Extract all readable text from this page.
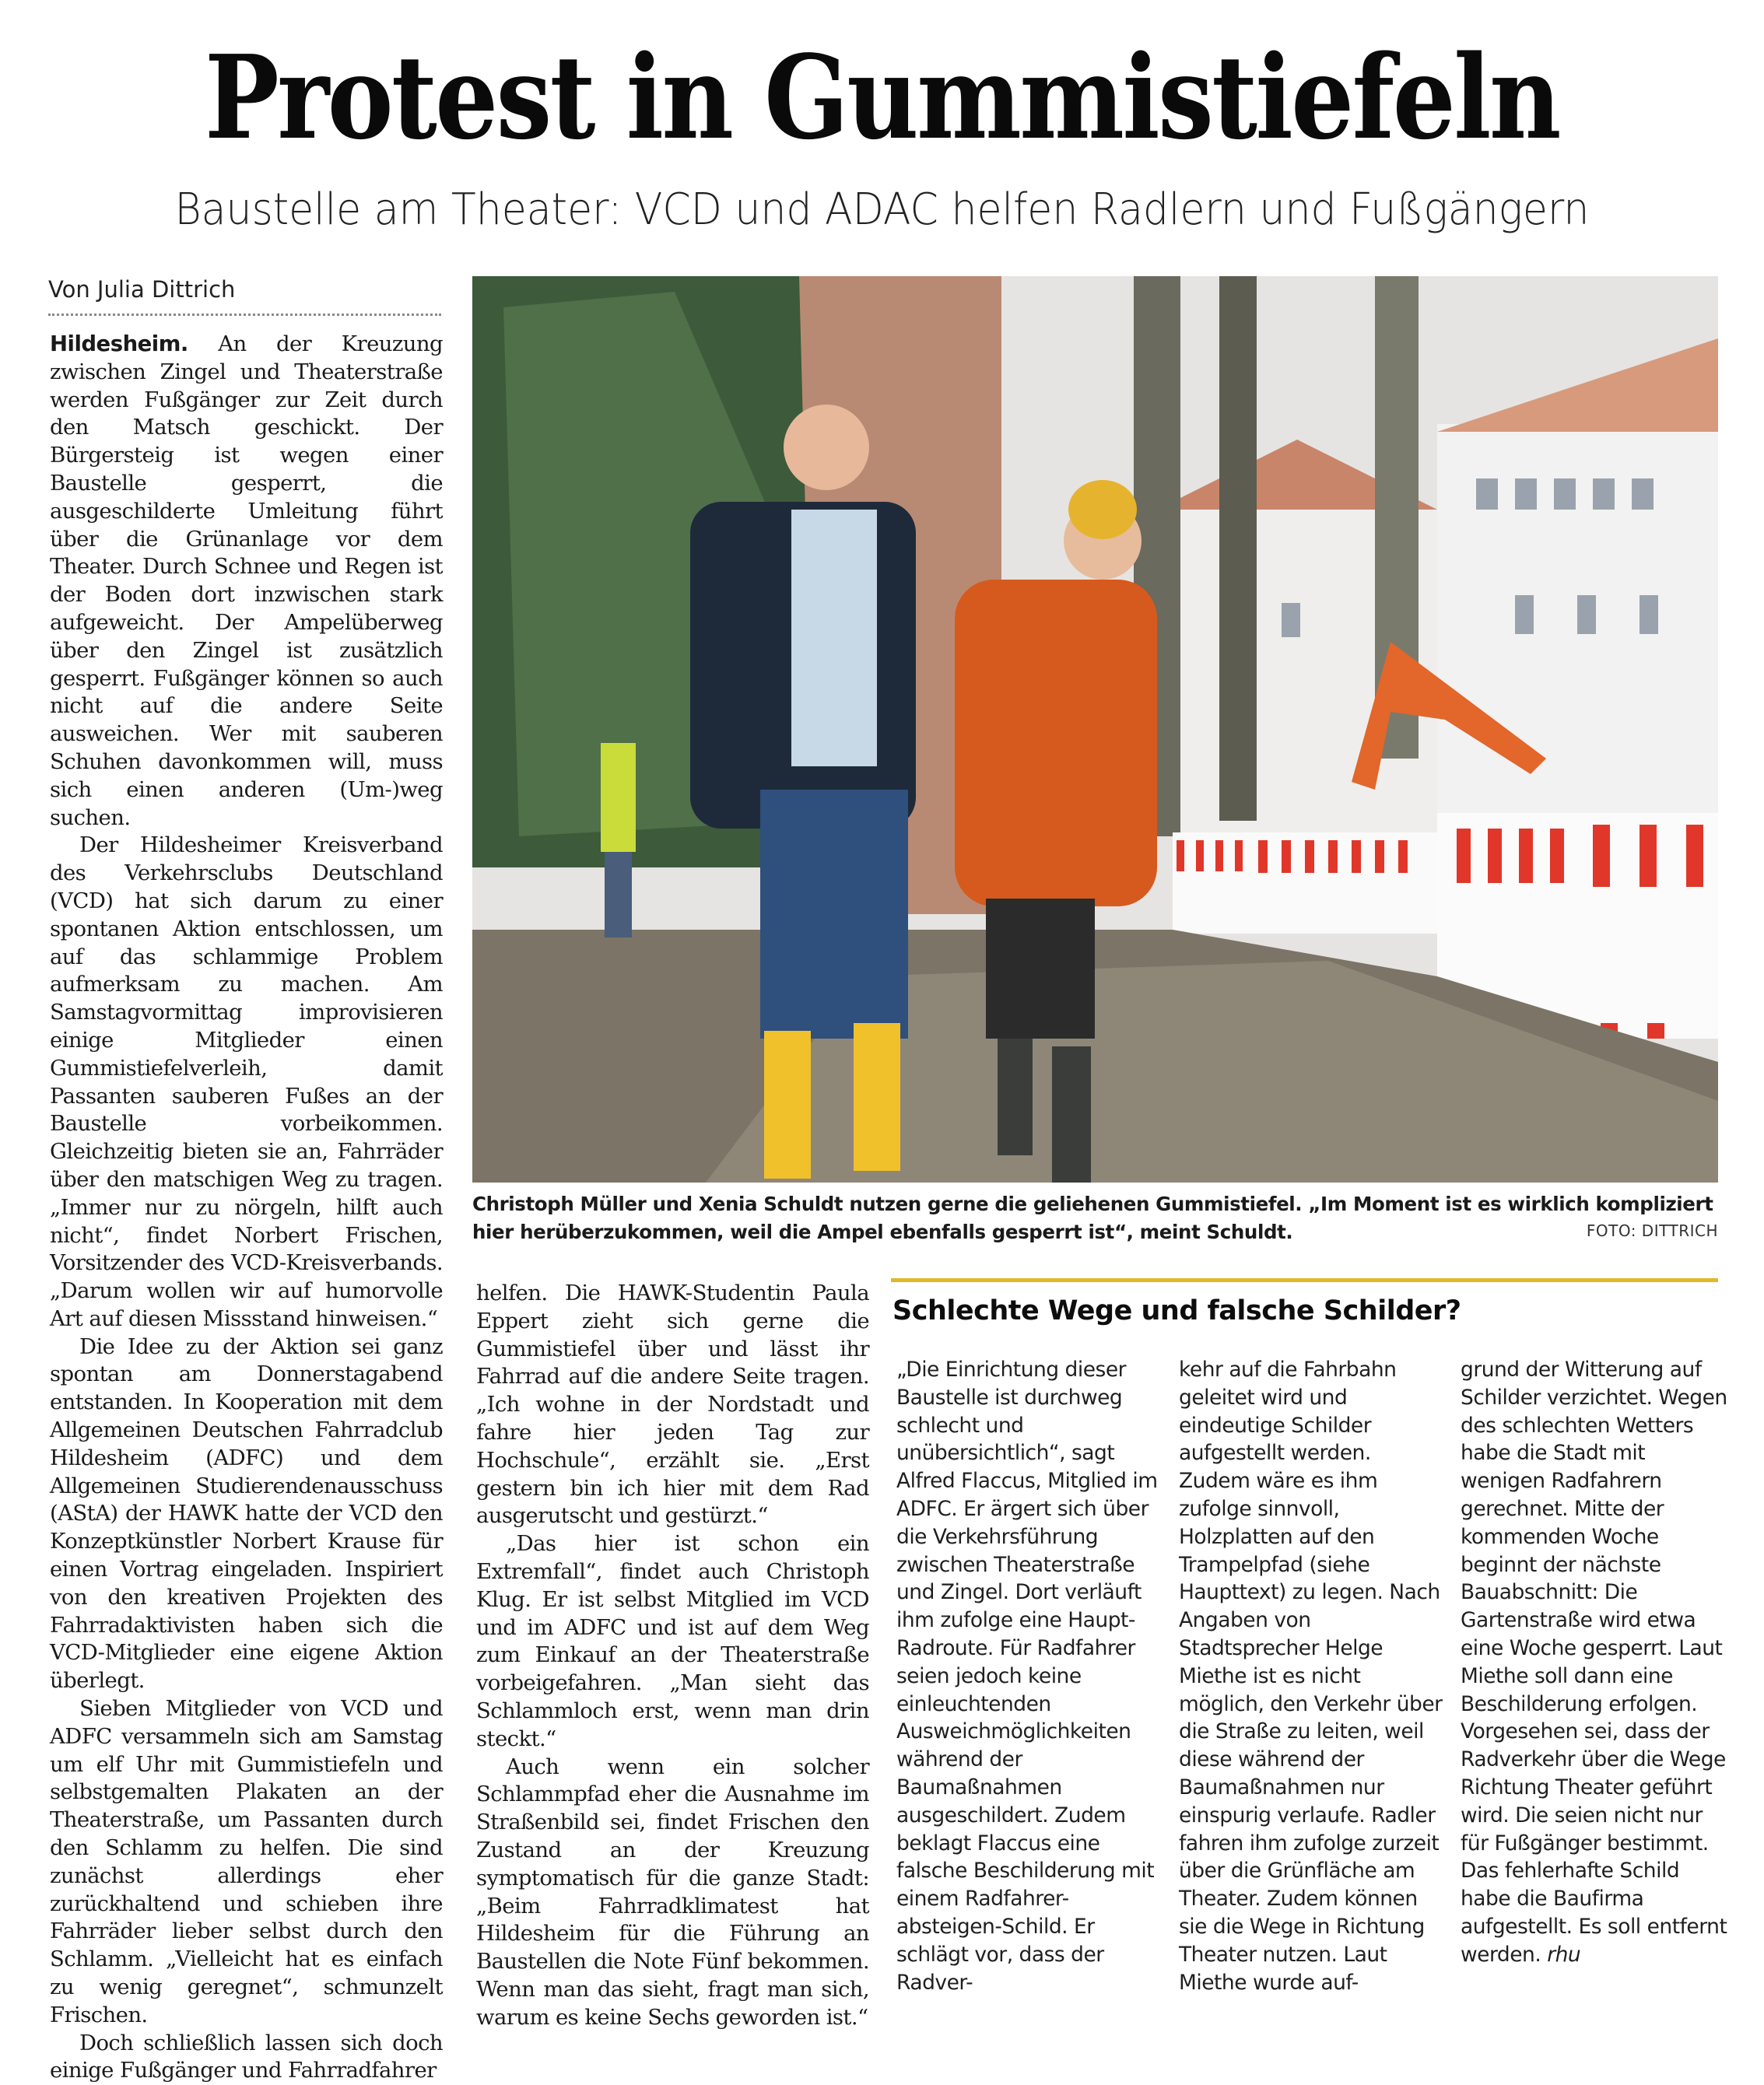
Protest in Gummistiefeln
Baustelle am Theater: VCD und ADAC helfen Radlern und Fußgängern
Von Julia Dittrich

Hildesheim. An der Kreuzung zwischen Zingel und Theaterstraße werden Fußgänger zur Zeit durch den Matsch geschickt. Der Bürgersteig ist wegen einer Baustelle gesperrt, die ausgeschilderte Umleitung führt über die Grünanlage vor dem Theater. Durch Schnee und Regen ist der Boden dort inzwischen stark aufgeweicht. Der Ampelüberweg über den Zingel ist zusätzlich gesperrt. Fußgänger können so auch nicht auf die andere Seite ausweichen. Wer mit sauberen Schuhen davonkommen will, muss sich einen anderen (Um-)weg suchen.

Der Hildesheimer Kreisverband des Verkehrsclubs Deutschland (VCD) hat sich darum zu einer spontanen Aktion entschlossen, um auf das schlammige Problem aufmerksam zu machen. Am Samstagvormittag improvisieren einige Mitglieder einen Gummistiefelverleih, damit Passanten sauberen Fußes an der Baustelle vorbeikommen. Gleichzeitig bieten sie an, Fahrräder über den matschigen Weg zu tragen. „Immer nur zu nörgeln, hilft auch nicht“, findet Norbert Frischen, Vorsitzender des VCD-Kreisverbands. „Darum wollen wir auf humorvolle Art auf diesen Missstand hinweisen.“

Die Idee zu der Aktion sei ganz spontan am Donnerstagabend entstanden. In Kooperation mit dem Allgemeinen Deutschen Fahrradclub Hildesheim (ADFC) und dem Allgemeinen Studierendenausschuss (AStA) der HAWK hatte der VCD den Konzeptkünstler Norbert Krause für einen Vortrag eingeladen. Inspiriert von den kreativen Projekten des Fahrradaktivisten haben sich die VCD-Mitglieder eine eigene Aktion überlegt.

Sieben Mitglieder von VCD und ADFC versammeln sich am Samstag um elf Uhr mit Gummistiefeln und selbstgemalten Plakaten an der Theaterstraße, um Passanten durch den Schlamm zu helfen. Die sind zunächst allerdings eher zurückhaltend und schieben ihre Fahrräder lieber selbst durch den Schlamm. „Vielleicht hat es einfach zu wenig geregnet“, schmunzelt Frischen.

Doch schließlich lassen sich doch einige Fußgänger und Fahrradfahrer

Christoph Müller und Xenia Schuldt nutzen gerne die geliehenen Gummistiefel. „Im Moment ist es wirklich kompliziert hier herüberzukommen, weil die Ampel ebenfalls gesperrt ist“, meint Schuldt.	FOTO: DITTRICH

helfen. Die HAWK-Studentin Paula Eppert zieht sich gerne die Gummistiefel über und lässt ihr Fahrrad auf die andere Seite tragen. „Ich wohne in der Nordstadt und fahre hier jeden Tag zur Hochschule“, erzählt sie. „Erst gestern bin ich hier mit dem Rad ausgerutscht und gestürzt.“

„Das hier ist schon ein Extremfall“, findet auch Christoph Klug. Er ist selbst Mitglied im VCD und im ADFC und ist auf dem Weg zum Einkauf an der Theaterstraße vorbeigefahren. „Man sieht das Schlammloch erst, wenn man drin steckt.“

Auch wenn ein solcher Schlammpfad eher die Ausnahme im Straßenbild sei, findet Frischen den Zustand an der Kreuzung symptomatisch für die ganze Stadt: „Beim Fahrradklimatest hat Hildesheim für die Führung an Baustellen die Note Fünf bekommen. Wenn man das sieht, fragt man sich, warum es keine Sechs geworden ist.“

Schlechte Wege und falsche Schilder?

„Die Einrichtung dieser Baustelle ist durchweg schlecht und unübersichtlich“, sagt Alfred Flaccus, Mitglied im ADFC. Er ärgert sich über die Verkehrsführung zwischen Theaterstraße und Zingel. Dort verläuft ihm zufolge eine Haupt-Radroute. Für Radfahrer seien jedoch keine einleuchtenden Ausweichmöglichkeiten während der Baumaßnahmen ausgeschildert. Zudem beklagt Flaccus eine falsche Beschilderung mit einem Radfahrer-absteigen-Schild. Er schlägt vor, dass der Radver-

kehr auf die Fahrbahn geleitet wird und eindeutige Schilder aufgestellt werden. Zudem wäre es ihm zufolge sinnvoll, Holzplatten auf den Trampelpfad (siehe Haupttext) zu legen. Nach Angaben von Stadtsprecher Helge Miethe ist es nicht möglich, den Verkehr über die Straße zu leiten, weil diese während der Baumaßnahmen nur einspurig verlaufe. Radler fahren ihm zufolge zurzeit über die Grünfläche am Theater. Zudem können sie die Wege in Richtung Theater nutzen. Laut Miethe wurde auf-

grund der Witterung auf Schilder verzichtet. Wegen des schlechten Wetters habe die Stadt mit wenigen Radfahrern gerechnet. Mitte der kommenden Woche beginnt der nächste Bauabschnitt: Die Gartenstraße wird etwa eine Woche gesperrt. Laut Miethe soll dann eine Beschilderung erfolgen. Vorgesehen sei, dass der Radverkehr über die Wege Richtung Theater geführt wird. Die seien nicht nur für Fußgänger bestimmt. Das fehlerhafte Schild habe die Baufirma aufgestellt. Es soll entfernt werden. rhu
